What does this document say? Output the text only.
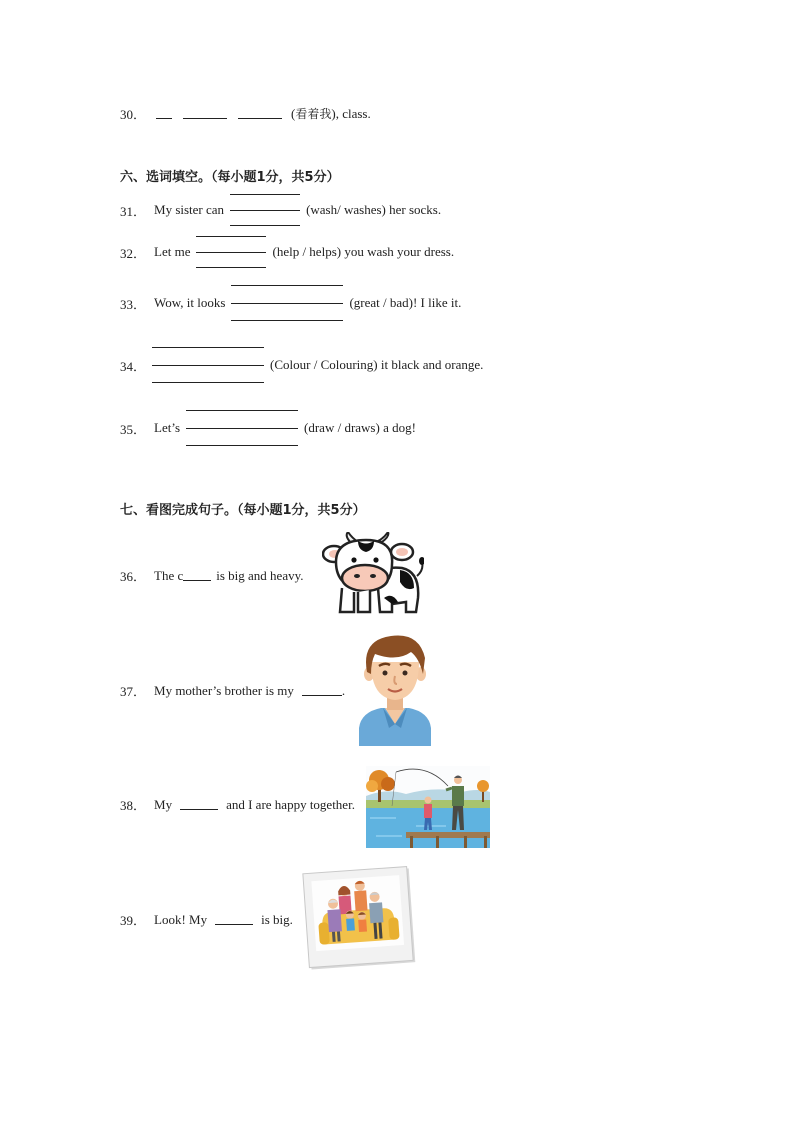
30．	( 看着我 ), class.
六、选词填空。（每小题1分，共5分）
31． My sister can	(wash/ washes) her socks.
32． Let me	(help / helps) you wash your dress.
33． Wow, it looks	(great / bad)! I like it.
34．	(Colour / Colouring) it black and orange.
35． Let’s	(draw / draws) a dog!
七、看图完成句子。（每小题1分，共5分）
36． The c	is big and heavy.
37． My mother’s brother is my	.
38． My	and I are happy together.
39． Look! My	is big.
